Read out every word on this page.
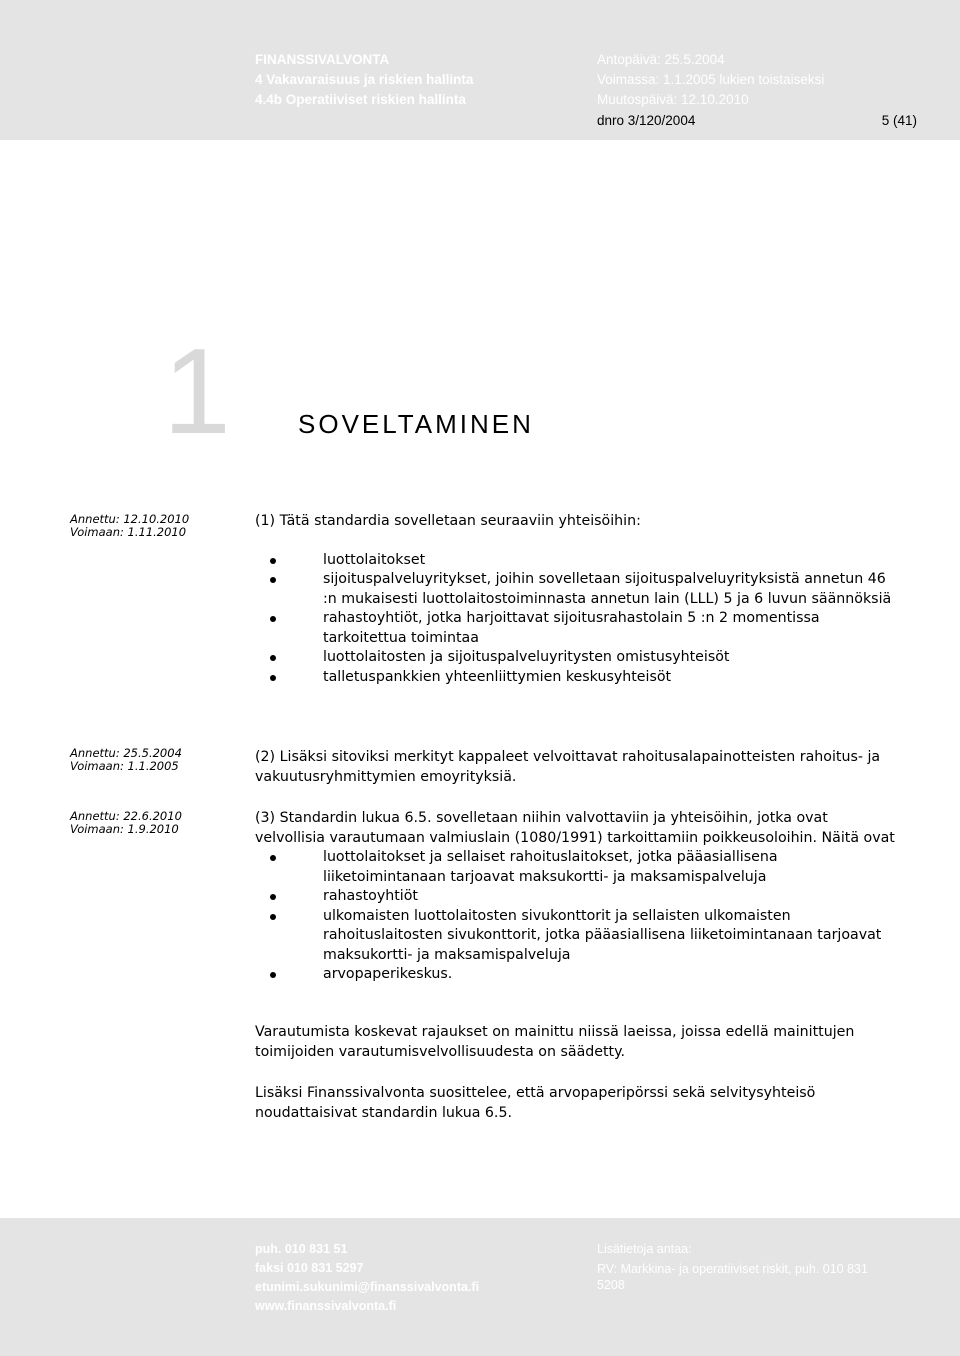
FINANSSIVALVONTA
4 Vakavaraisuus ja riskien hallinta
4.4b Operatiiviset riskien hallinta
Antopäivä: 25.5.2004
Voimassa: 1.1.2005 lukien toistaiseksi
Muutospäivä: 12.10.2010
dnro 3/120/2004	5 (41)
1	SOVELTAMINEN
Annettu: 12.10.2010
Voimaan: 1.11.2010
Annettu: 25.5.2004
Voimaan: 1.1.2005
Annettu: 22.6.2010
Voimaan: 1.9.2010

(1) Tätä standardia sovelletaan seuraaviin yhteisöihin:

luottolaitokset
sijoituspalveluyritykset, joihin sovelletaan sijoituspalveluyrityksistä annetun 46 :n mukaisesti luottolaitostoiminnasta annetun lain (LLL) 5 ja 6 luvun säännöksiä
rahastoyhtiöt, jotka harjoittavat sijoitusrahastolain 5 :n 2 momentissa tarkoitettua toimintaa
luottolaitosten ja sijoituspalveluyritysten omistusyhteisöt
talletuspankkien yhteenliittymien keskusyhteisöt

(2) Lisäksi sitoviksi merkityt kappaleet velvoittavat rahoitusalapainotteisten rahoitus- ja vakuutusryhmittymien emoyrityksiä.

(3) Standardin lukua 6.5. sovelletaan niihin valvottaviin ja yhteisöihin, jotka ovat velvollisia varautumaan valmiuslain (1080/1991) tarkoittamiin poikkeusoloihin. Näitä ovat

luottolaitokset ja sellaiset rahoituslaitokset, jotka pääasiallisena liiketoimintanaan tarjoavat maksukortti- ja maksamispalveluja
rahastoyhtiöt
ulkomaisten luottolaitosten sivukonttorit ja sellaisten ulkomaisten rahoituslaitosten sivukonttorit, jotka pääasiallisena liiketoimintanaan tarjoavat maksukortti- ja maksamispalveluja
arvopaperikeskus.

Varautumista koskevat rajaukset on mainittu niissä laeissa, joissa edellä mainittujen toimijoiden varautumisvelvollisuudesta on säädetty.

Lisäksi Finanssivalvonta suosittelee, että arvopaperipörssi sekä selvitysyhteisö noudattaisivat standardin lukua 6.5.

puh. 010 831 51
faksi 010 831 5297
etunimi.sukunimi@finanssivalvonta.fi
www.finanssivalvonta.fi
Lisätietoja antaa:
RV: Markkina- ja operatiiviset riskit, puh. 010 831 5208
